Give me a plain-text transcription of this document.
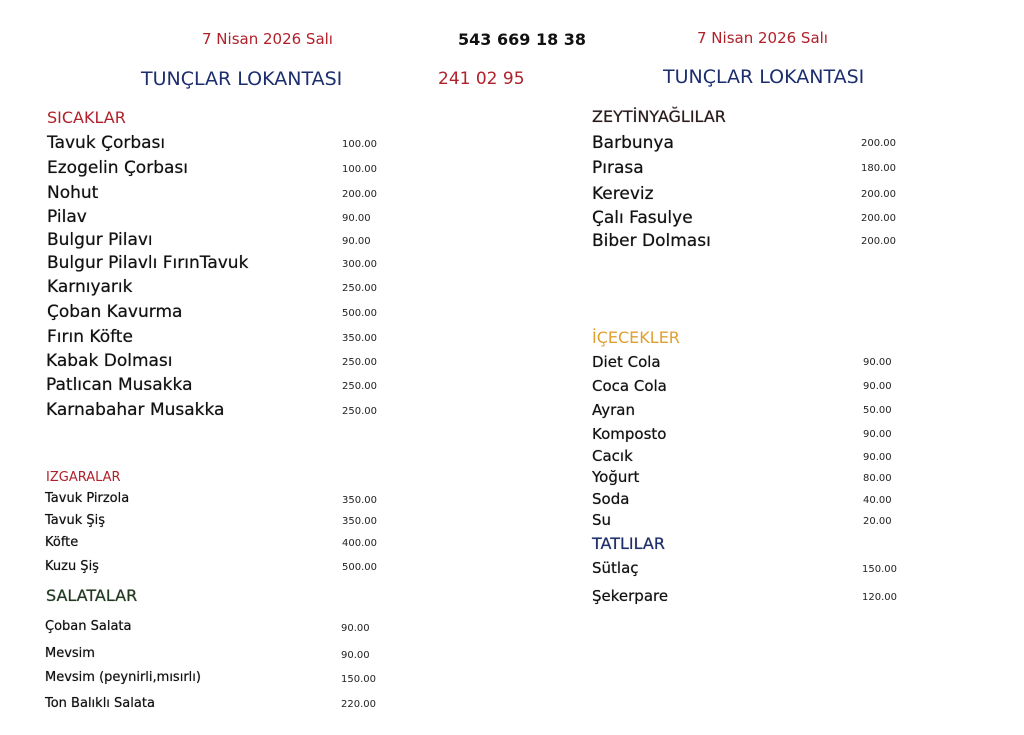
7 Nisan 2026 Salı	543 669 18 38	7 Nisan 2026 Salı
TUNÇLAR LOKANTASI	241 02 95	TUNÇLAR LOKANTASI
SICAKLAR
Tavuk Çorbası	100.00
Ezogelin Çorbası	100.00
Nohut	200.00
Pilav	90.00
Bulgur Pilavı	90.00
Bulgur Pilavlı FırınTavuk	300.00
Karnıyarık	250.00
Çoban Kavurma	500.00
Fırın Köfte	350.00
Kabak Dolması	250.00
Patlıcan Musakka	250.00
Karnabahar Musakka	250.00
IZGARALAR
Tavuk Pirzola	350.00
Tavuk Şiş	350.00
Köfte	400.00
Kuzu Şiş	500.00
SALATALAR
Çoban Salata	90.00
Mevsim	90.00
Mevsim (peynirli,mısırlı)	150.00
Ton Balıklı Salata	220.00
ZEYTİNYAĞLILAR
Barbunya	200.00
Pırasa	180.00
Kereviz	200.00
Çalı Fasulye	200.00
Biber Dolması	200.00
İÇECEKLER
Diet Cola	90.00
Coca Cola	90.00
Ayran	50.00
Komposto	90.00
Cacık	90.00
Yoğurt	80.00
Soda	40.00
Su	20.00
TATLILAR
Sütlaç	150.00
Şekerpare	120.00
